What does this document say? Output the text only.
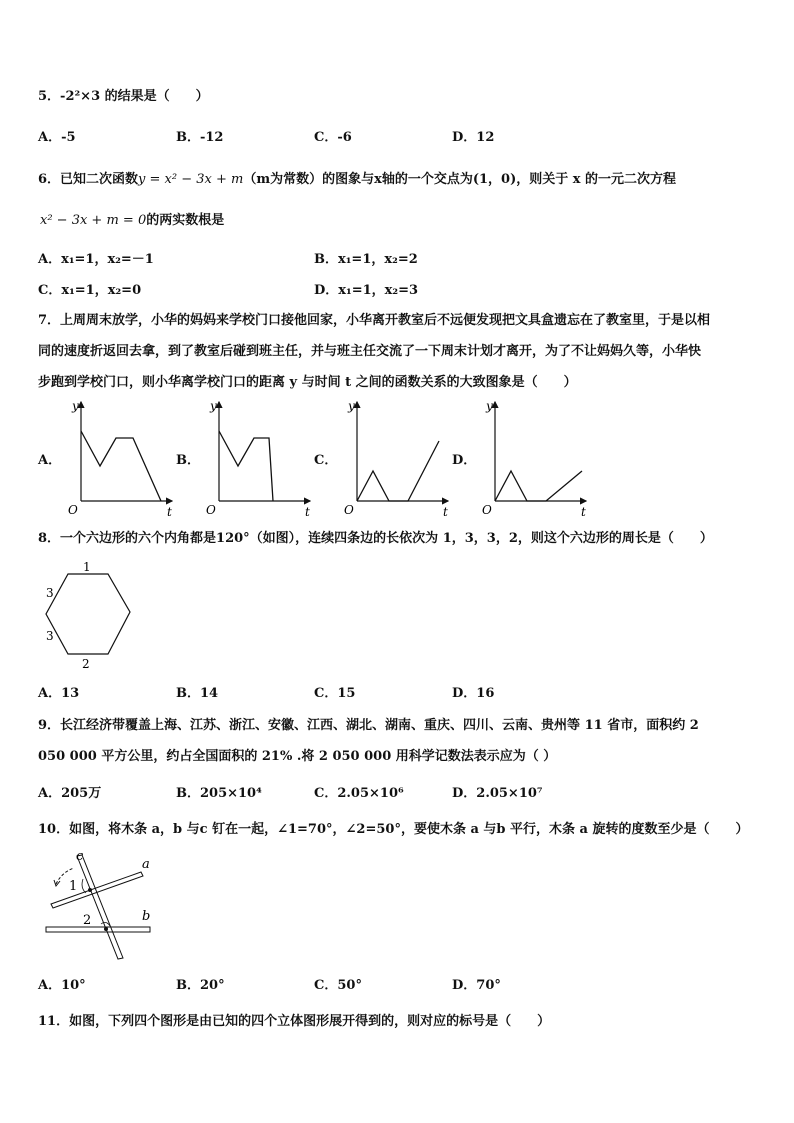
5．-2²×3 的结果是（　　）
A．-5	B．-12	C．-6	D．12
6．已知二次函数y = x² − 3x + m（m为常数）的图象与x轴的一个交点为(1，0)，则关于 x 的一元二次方程
x² − 3x + m = 0的两实数根是
A．x₁=1，x₂=－1	B．x₁=1，x₂=2
C．x₁=1，x₂=0	D．x₁=1，x₂=3
7．上周周末放学，小华的妈妈来学校门口接他回家，小华离开教室后不远便发现把文具盒遗忘在了教室里，于是以相
同的速度折返回去拿，到了教室后碰到班主任，并与班主任交流了一下周末计划才离开，为了不让妈妈久等，小华快
步跑到学校门口，则小华离学校门口的距离 y 与时间 t 之间的函数关系的大致图象是（　　）
A．	B．	C．	D．
y
t
O
y
t
O
y
t
O
y
t
O
8．一个六边形的六个内角都是120°（如图），连续四条边的长依次为 1，3，3，2，则这个六边形的周长是（　　）
1
3
3
2
A．13	B．14	C．15	D．16
9．长江经济带覆盖上海、江苏、浙江、安徽、江西、湖北、湖南、重庆、四川、云南、贵州等 11 省市，面积约 2
050 000 平方公里，约占全国面积的 21% .将 2 050 000 用科学记数法表示应为（ ）
A．205万	B．205×10⁴	C．2.05×10⁶	D．2.05×10⁷
10．如图，将木条 a，b 与c 钉在一起，∠1=70°，∠2=50°，要使木条 a 与b 平行，木条 a 旋转的度数至少是（　　）
c
a
1
2	b
A．10°	B．20°	C．50°	D．70°
11．如图，下列四个图形是由已知的四个立体图形展开得到的，则对应的标号是（　　）
